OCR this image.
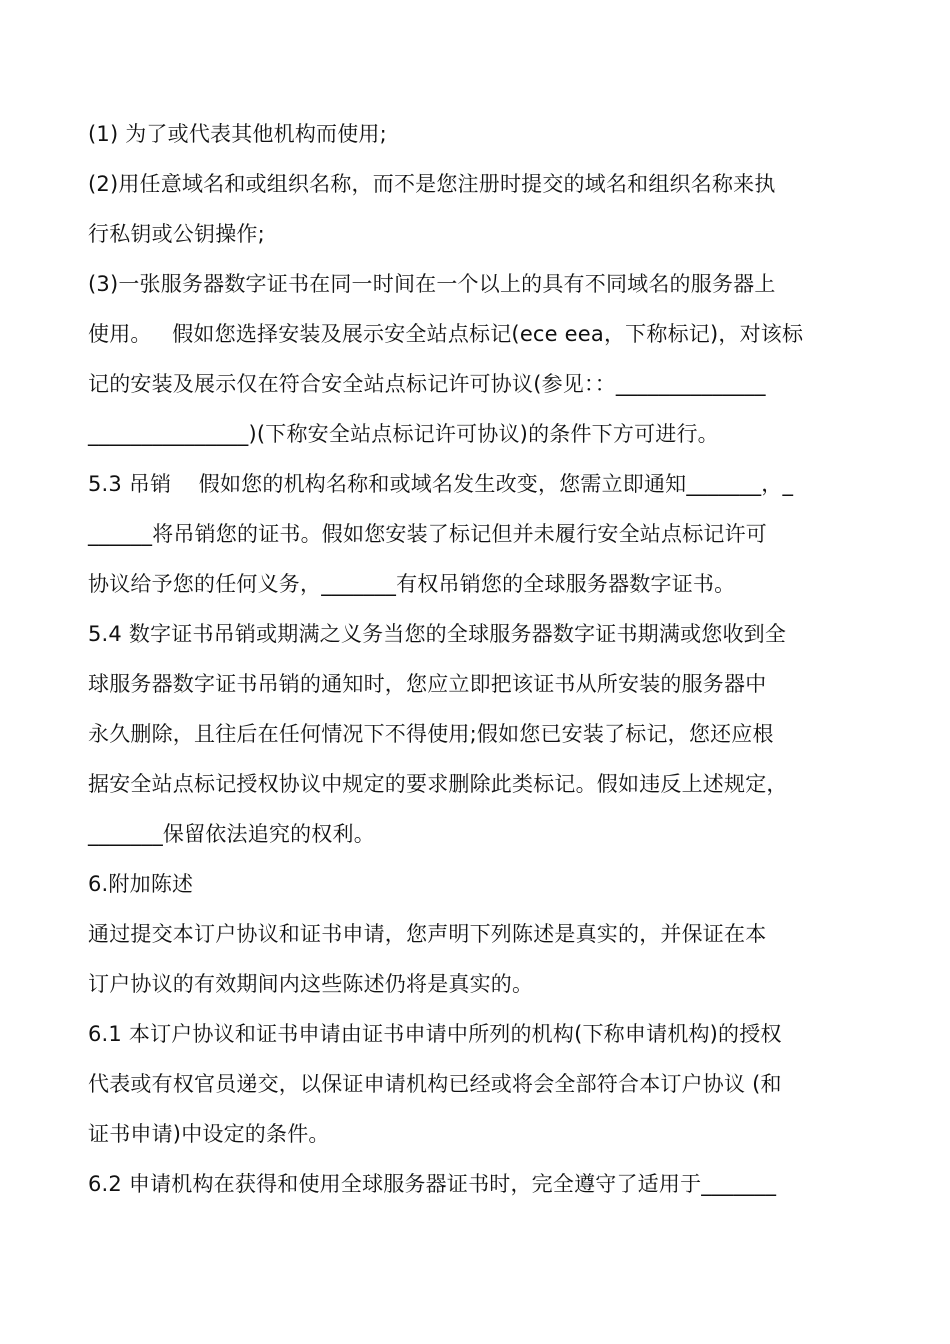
(1) 为了或代表其他机构而使用;
(2)用任意域名和或组织名称，而不是您注册时提交的域名和组织名称来执
行私钥或公钥操作;
(3)一张服务器数字证书在同一时间在一个以上的具有不同域名的服务器上
使用。   假如您选择安装及展示安全站点标记(ece eea，下称标记)，对该标
记的安装及展示仅在符合安全站点标记许可协议(参见：：______________
_______________)(下称安全站点标记许可协议)的条件下方可进行。
5.3 吊销    假如您的机构名称和或域名发生改变，您需立即通知_______，_
______将吊销您的证书。假如您安装了标记但并未履行安全站点标记许可
协议给予您的任何义务，_______有权吊销您的全球服务器数字证书。
5.4 数字证书吊销或期满之义务当您的全球服务器数字证书期满或您收到全
球服务器数字证书吊销的通知时，您应立即把该证书从所安装的服务器中
永久删除，且往后在任何情况下不得使用;假如您已安装了标记，您还应根
据安全站点标记授权协议中规定的要求删除此类标记。假如违反上述规定，
_______保留依法追究的权利。
6.附加陈述
通过提交本订户协议和证书申请，您声明下列陈述是真实的，并保证在本
订户协议的有效期间内这些陈述仍将是真实的。
6.1 本订户协议和证书申请由证书申请中所列的机构(下称申请机构)的授权
代表或有权官员递交，以保证申请机构已经或将会全部符合本订户协议 (和
证书申请)中设定的条件。
6.2 申请机构在获得和使用全球服务器证书时，完全遵守了适用于_______
